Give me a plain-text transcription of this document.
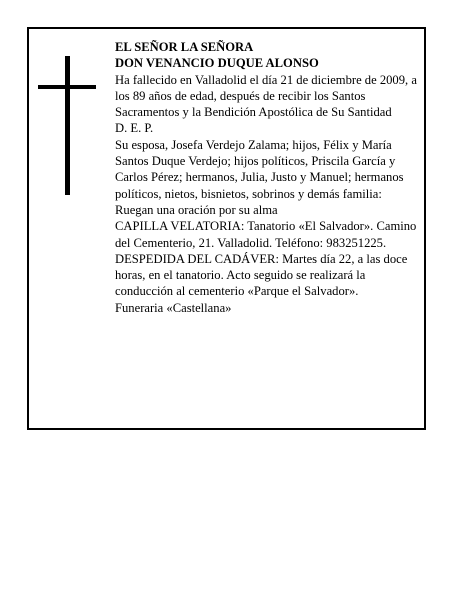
EL SEÑOR LA SEÑORA

DON VENANCIO DUQUE ALONSO

Ha fallecido en Valladolid el día 21 de diciembre de 2009, a los 89 años de edad, después de recibir los Santos Sacramentos y la Bendición Apostólica de Su Santidad

D. E. P.

Su esposa, Josefa Verdejo Zalama; hijos, Félix y María Santos Duque Verdejo; hijos políticos, Priscila García y Carlos Pérez; hermanos, Julia, Justo y Manuel; hermanos políticos, nietos, bisnietos, sobrinos y demás familia:

Ruegan una oración por su alma

CAPILLA VELATORIA: Tanatorio «El Salvador». Camino del Cementerio, 21. Valladolid. Teléfono: 983251225.

DESPEDIDA DEL CADÁVER: Martes día 22, a las doce horas, en el tanatorio. Acto seguido se realizará la conducción al cementerio «Parque el Salvador».

Funeraria «Castellana»
